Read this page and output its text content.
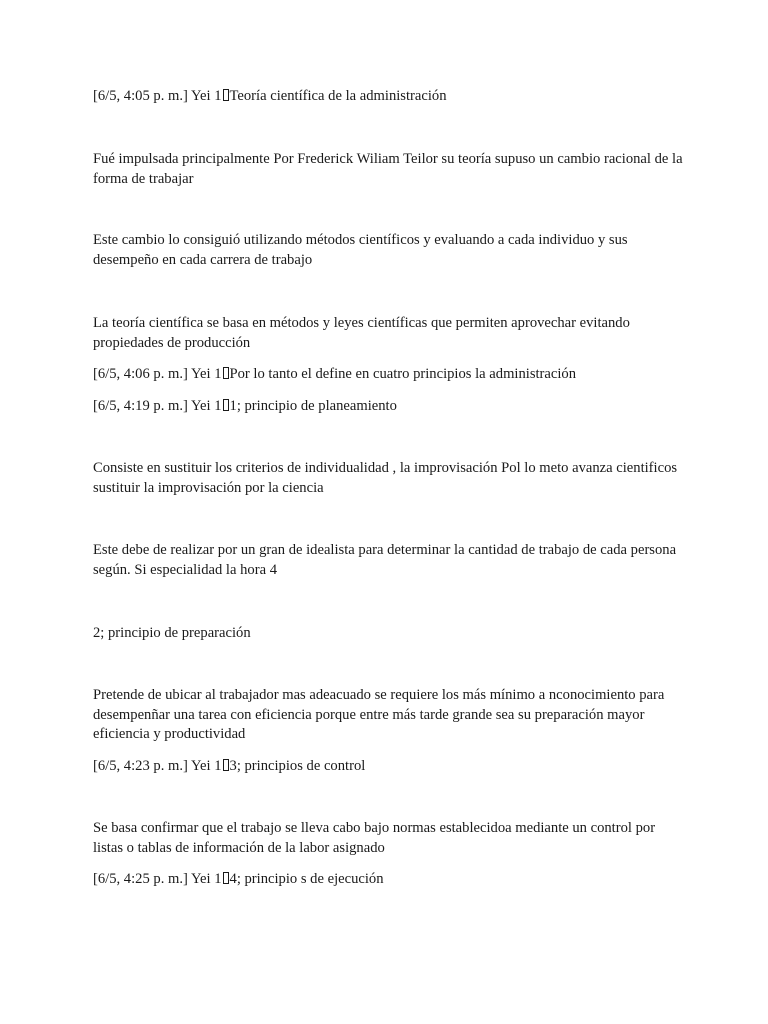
[6/5, 4:05 p. m.] Yei 1 Teoría científica de la administración

Fué impulsada principalmente Por Frederick Wiliam Teilor su teoría supuso un cambio racional de la forma de trabajar

Este cambio lo consiguió utilizando métodos científicos y evaluando a cada individuo y sus desempeño en cada carrera de trabajo

La teoría científica se basa en métodos y leyes científicas que permiten aprovechar evitando propiedades de producción

[6/5, 4:06 p. m.] Yei 1 Por lo tanto el define en cuatro principios la administración

[6/5, 4:19 p. m.] Yei 1 1; principio de planeamiento

Consiste en sustituir los criterios de individualidad , la improvisación Pol lo meto avanza cientificos sustituir la improvisación por la ciencia

Este debe de realizar por un gran de idealista para determinar la cantidad de trabajo de cada persona según. Si especialidad la hora 4

2; principio de preparación

Pretende de ubicar al trabajador mas adeacuado se requiere los más mínimo a nconocimiento para desempenñar una tarea con eficiencia porque entre más tarde grande sea su preparación mayor eficiencia y productividad

[6/5, 4:23 p. m.] Yei 1 3; principios de control

Se basa confirmar que el trabajo se lleva cabo bajo normas establecidoa mediante un control por listas o tablas de información de la labor asignado

[6/5, 4:25 p. m.] Yei 1 4; principio s de ejecución
